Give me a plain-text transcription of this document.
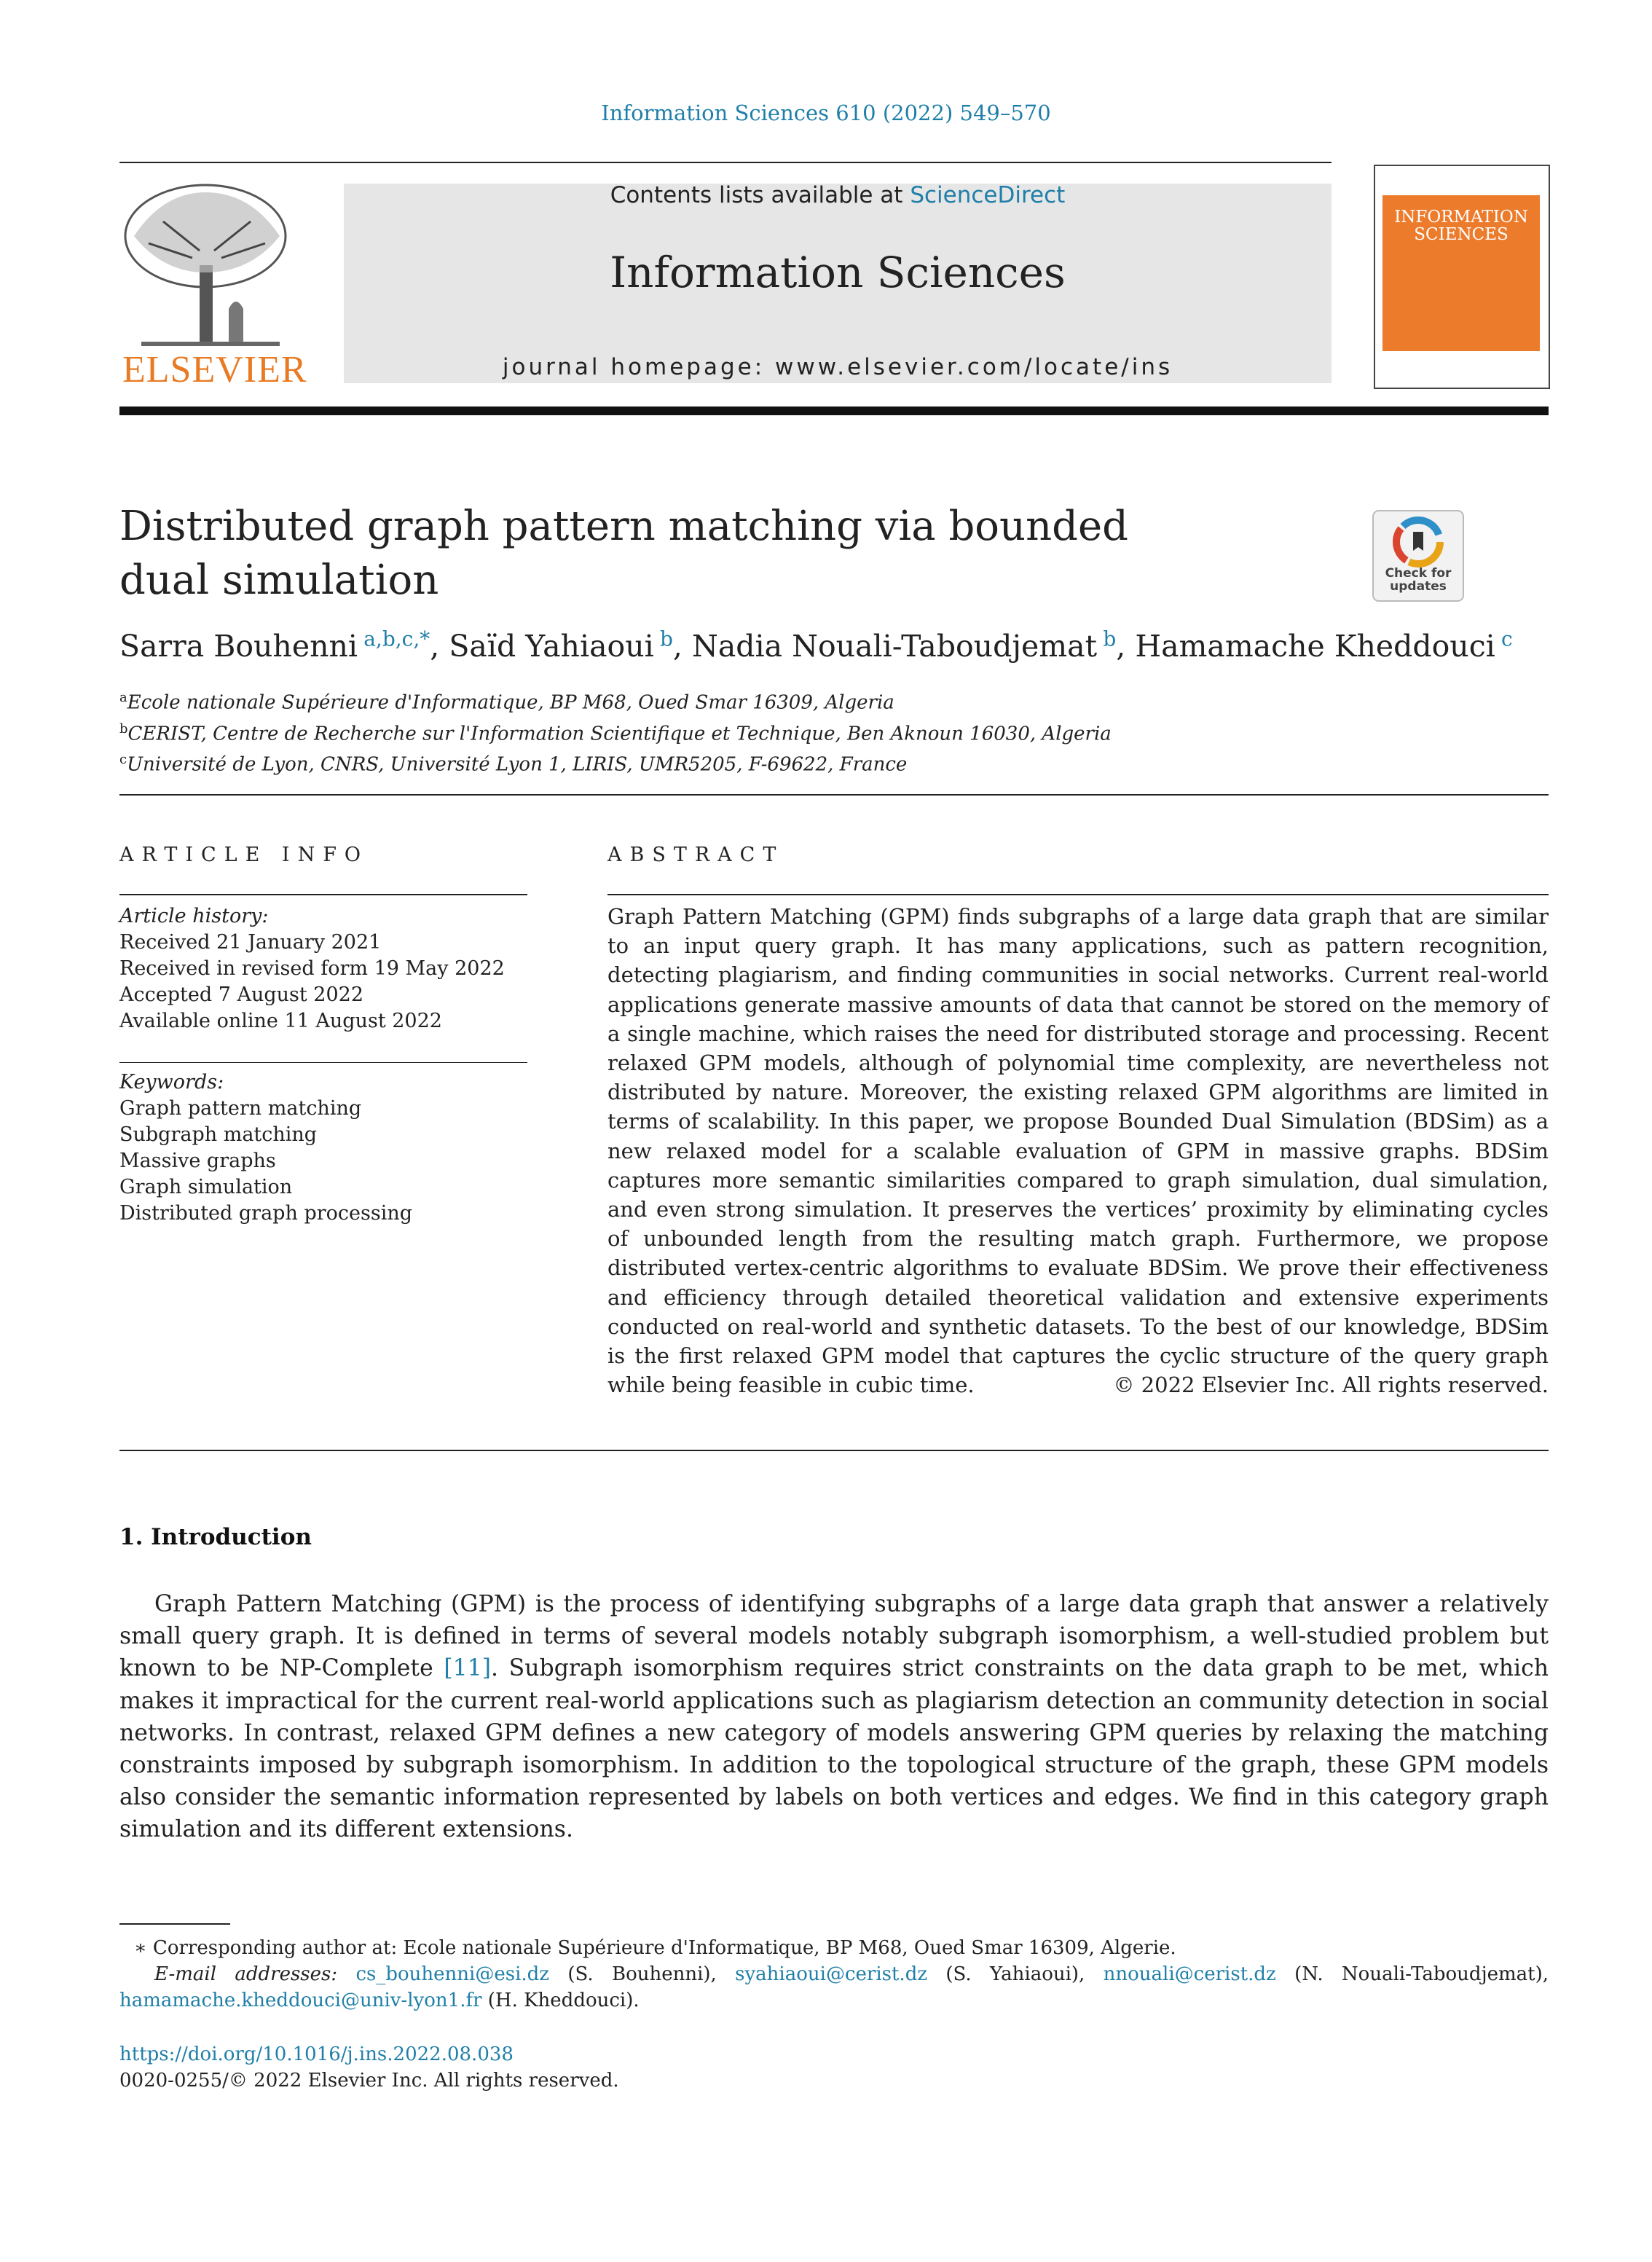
Information Sciences 610 (2022) 549–570
ELSEVIER
Contents lists available at ScienceDirect
Information Sciences
journal homepage: www.elsevier.com/locate/ins
INFORMATION SCIENCES
Distributed graph pattern matching via bounded dual simulation	Check for updates
Sarra Bouhenni  $^{a,b,c,*}$, Saïd Yahiaoui  $^b$, Nadia Nouali-Taboudjemat  $^b$, Hamamache Kheddouci  $^c$
$^a$Ecole nationale Supérieure d'Informatique, BP M68, Oued Smar 16309, Algeria
$^b$CERIST, Centre de Recherche sur l'Information Scientifique et Technique, Ben Aknoun 16030, Algeria
$^c$Université de Lyon, CNRS, Université Lyon 1, LIRIS, UMR5205, F-69622, France
ARTICLE INFO
Article history:
Received 21 January 2021
Received in revised form 19 May 2022
Accepted 7 August 2022
Available online 11 August 2022
Keywords:
Graph pattern matching
Subgraph matching
Massive graphs
Graph simulation
Distributed graph processing
ABSTRACT
Graph Pattern Matching (GPM) finds subgraphs of a large data graph that are similar to an input query graph. It has many applications, such as pattern recognition, detecting plagiarism, and finding communities in social networks. Current real-world applications generate massive amounts of data that cannot be stored on the memory of a single machine, which raises the need for distributed storage and processing. Recent relaxed GPM models, although of polynomial time complexity, are nevertheless not distributed by nature. Moreover, the existing relaxed GPM algorithms are limited in terms of scalability. In this paper, we propose Bounded Dual Simulation (BDSim) as a new relaxed model for a scalable evaluation of GPM in massive graphs. BDSim captures more semantic similarities compared to graph simulation, dual simulation, and even strong simulation. It preserves the vertices’ proximity by eliminating cycles of unbounded length from the resulting match graph. Furthermore, we propose distributed vertex-centric algorithms to evaluate BDSim. We prove their effectiveness and efficiency through detailed theoretical validation and extensive experiments conducted on real-world and synthetic datasets. To the best of our knowledge, BDSim is the first relaxed GPM model that captures the cyclic structure of the query graph while being feasible in cubic time.	© 2022 Elsevier Inc. All rights reserved.
1. Introduction
Graph Pattern Matching (GPM) is the process of identifying subgraphs of a large data graph that answer a relatively small query graph. It is defined in terms of several models notably subgraph isomorphism, a well-studied problem but known to be NP-Complete [11]. Subgraph isomorphism requires strict constraints on the data graph to be met, which makes it impractical for the current real-world applications such as plagiarism detection an community detection in social networks. In contrast, relaxed GPM defines a new category of models answering GPM queries by relaxing the matching constraints imposed by subgraph isomorphism. In addition to the topological structure of the graph, these GPM models also consider the semantic information represented by labels on both vertices and edges. We find in this category graph simulation and its different extensions.
∗ Corresponding author at: Ecole nationale Supérieure d'Informatique, BP M68, Oued Smar 16309, Algerie.
E-mail addresses: cs_bouhenni@esi.dz (S. Bouhenni), syahiaoui@cerist.dz (S. Yahiaoui), nnouali@cerist.dz (N. Nouali-Taboudjemat), hamamache.kheddouci@univ-lyon1.fr (H. Kheddouci).
https://doi.org/10.1016/j.ins.2022.08.038
0020-0255/© 2022 Elsevier Inc. All rights reserved.
